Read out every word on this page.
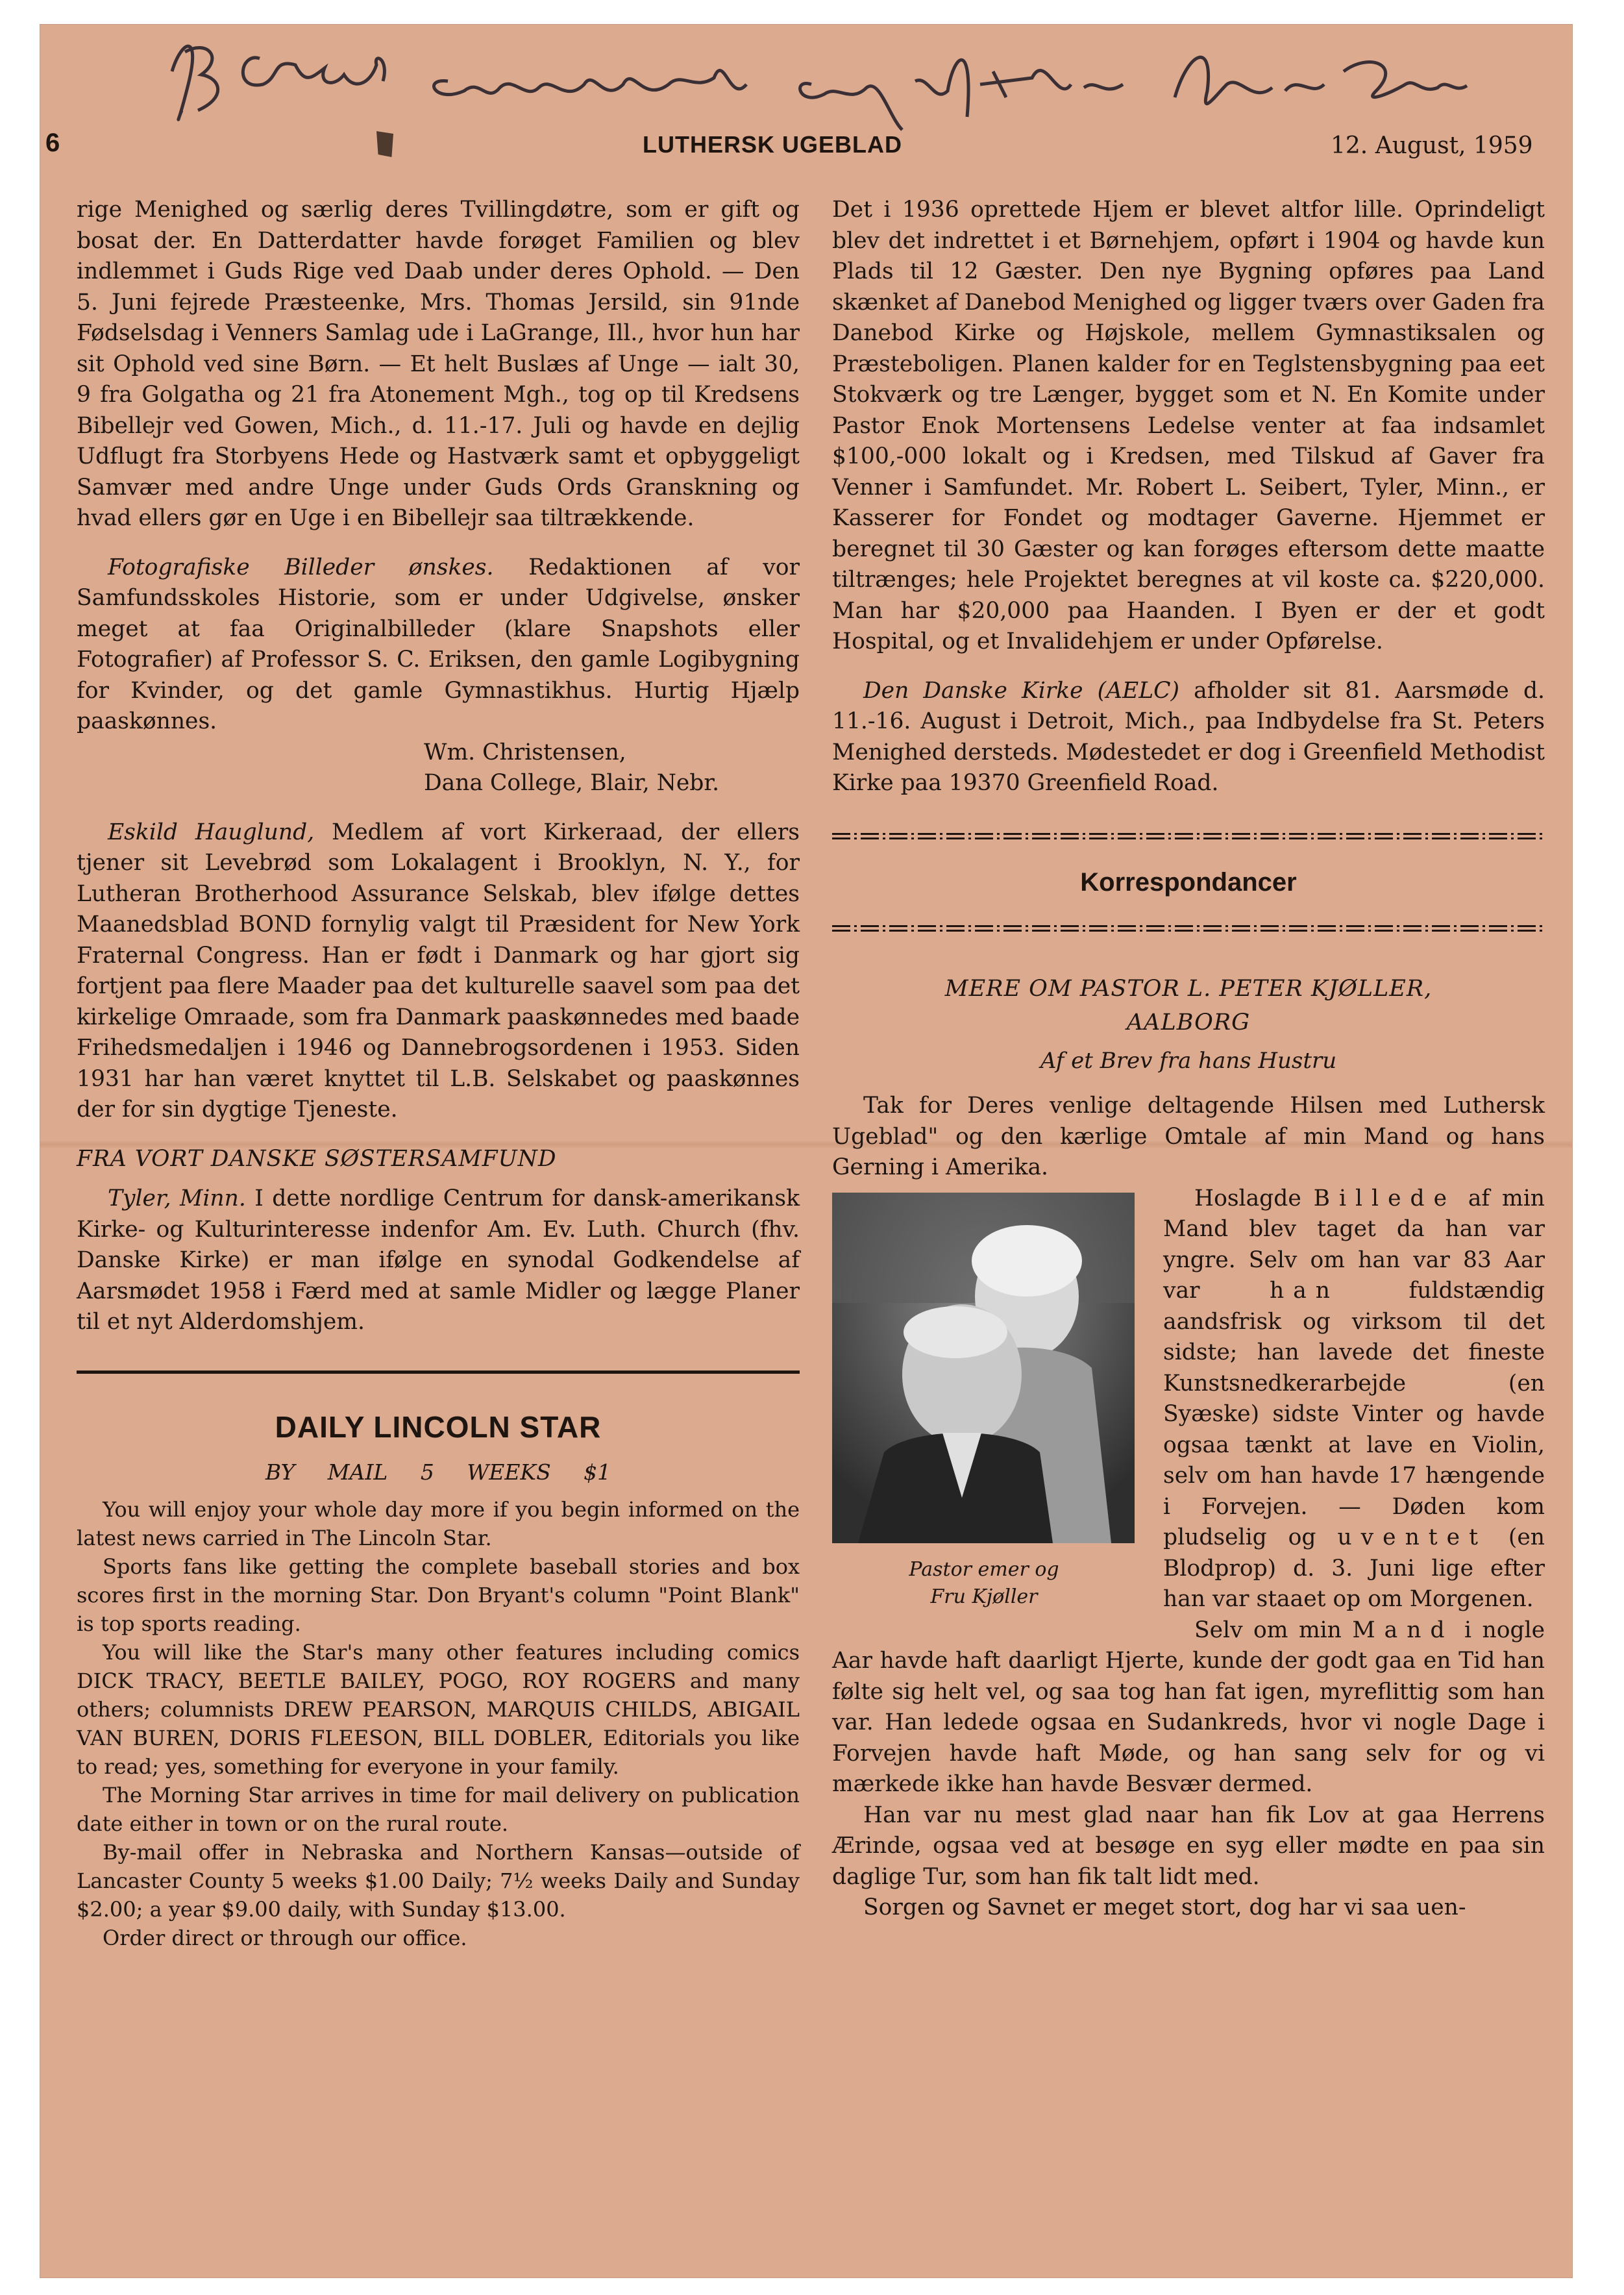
6	LUTHERSK UGEBLAD	12. August, 1959

rige Menighed og særlig deres Tvillingdøtre, som er gift og bosat der. En Datterdatter havde forøget Familien og blev indlemmet i Guds Rige ved Daab under deres Ophold. — Den 5. Juni fejrede Præsteenke, Mrs. Thomas Jersild, sin 91nde Fødselsdag i Venners Samlag ude i LaGrange, Ill., hvor hun har sit Ophold ved sine Børn. — Et helt Buslæs af Unge — ialt 30, 9 fra Golgatha og 21 fra Atonement Mgh., tog op til Kredsens Bibellejr ved Gowen, Mich., d. 11.-17. Juli og havde en dejlig Udflugt fra Storbyens Hede og Hastværk samt et opbyggeligt Samvær med andre Unge under Guds Ords Granskning og hvad ellers gør en Uge i en Bibellejr saa tiltrækkende.

Fotografiske Billeder ønskes. Redaktionen af vor Samfundsskoles Historie, som er under Udgivelse, ønsker meget at faa Originalbilleder (klare Snapshots eller Fotografier) af Professor S. C. Eriksen, den gamle Logibygning for Kvinder, og det gamle Gymnastikhus. Hurtig Hjælp paaskønnes.

Wm. Christensen,

Dana College, Blair, Nebr.

Eskild Hauglund, Medlem af vort Kirkeraad, der ellers tjener sit Levebrød som Lokalagent i Brooklyn, N. Y., for Lutheran Brotherhood Assurance Selskab, blev ifølge dettes Maanedsblad BOND fornylig valgt til Præsident for New York Fraternal Congress. Han er født i Danmark og har gjort sig fortjent paa flere Maader paa det kulturelle saavel som paa det kirkelige Omraade, som fra Danmark paaskønnedes med baade Frihedsmedaljen i 1946 og Dannebrogsordenen i 1953. Siden 1931 har han været knyttet til L.B. Selskabet og paaskønnes der for sin dygtige Tjeneste.

FRA VORT DANSKE SØSTERSAMFUND

Tyler, Minn. I dette nordlige Centrum for dansk-amerikansk Kirke- og Kulturinteresse indenfor Am. Ev. Luth. Church (fhv. Danske Kirke) er man ifølge en synodal Godkendelse af Aarsmødet 1958 i Færd med at samle Midler og lægge Planer til et nyt Alderdomshjem.

DAILY LINCOLN STAR
BY MAIL 5 WEEKS $1

You will enjoy your whole day more if you begin informed on the latest news carried in The Lincoln Star.

Sports fans like getting the complete baseball stories and box scores first in the morning Star. Don Bryant's column "Point Blank" is top sports reading.

You will like the Star's many other features including comics DICK TRACY, BEETLE BAILEY, POGO, ROY ROGERS and many others; columnists DREW PEARSON, MARQUIS CHILDS, ABIGAIL VAN BUREN, DORIS FLEESON, BILL DOBLER, Editorials you like to read; yes, something for everyone in your family.

The Morning Star arrives in time for mail delivery on publication date either in town or on the rural route.

By-mail offer in Nebraska and Northern Kansas—outside of Lancaster County 5 weeks $1.00 Daily; 7½ weeks Daily and Sunday $2.00; a year $9.00 daily, with Sunday $13.00.

Order direct or through our office.

Det i 1936 oprettede Hjem er blevet altfor lille. Oprindeligt blev det indrettet i et Børnehjem, opført i 1904 og havde kun Plads til 12 Gæster. Den nye Bygning opføres paa Land skænket af Danebod Menighed og ligger tværs over Gaden fra Danebod Kirke og Højskole, mellem Gymnastiksalen og Præsteboligen. Planen kalder for en Teglstensbygning paa eet Stokværk og tre Længer, bygget som et N. En Komite under Pastor Enok Mortensens Ledelse venter at faa indsamlet $100,-000 lokalt og i Kredsen, med Tilskud af Gaver fra Venner i Samfundet. Mr. Robert L. Seibert, Tyler, Minn., er Kasserer for Fondet og modtager Gaverne. Hjemmet er beregnet til 30 Gæster og kan forøges eftersom dette maatte tiltrænges; hele Projektet beregnes at vil koste ca. $220,000. Man har $20,000 paa Haanden. I Byen er der et godt Hospital, og et Invalidehjem er under Opførelse.

Den Danske Kirke (AELC) afholder sit 81. Aarsmøde d. 11.-16. August i Detroit, Mich., paa Indbydelse fra St. Peters Menighed dersteds. Mødestedet er dog i Greenfield Methodist Kirke paa 19370 Greenfield Road.

Korrespondancer
MERE OM PASTOR L. PETER KJØLLER,
AALBORG
Af et Brev fra hans Hustru

Tak for Deres venlige deltagende Hilsen med Luthersk Ugeblad" og den kærlige Omtale af min Mand og hans Gerning i Amerika.

Pastor emer og
Fru Kjøller

Hoslagde Billede af min Mand blev taget da han var yngre. Selv om han var 83 Aar var	han	fuldstændig aandsfrisk og virksom til det sidste; han lavede det fineste Kunstsnedkerarbejde (en Syæske) sidste Vinter og havde ogsaa tænkt at lave en Violin, selv om han havde 17 hængende i Forvejen. — Døden kom pludselig og uventet (en Blodprop) d. 3. Juni lige efter han var staaet op om Morgenen.

Selv om min Mand i nogle Aar havde haft daarligt Hjerte, kunde der godt gaa en Tid han følte sig helt vel, og saa tog han fat igen, myreflittig som han var. Han ledede ogsaa en Sudankreds, hvor vi nogle Dage i Forvejen havde haft Møde, og han sang selv for og vi mærkede ikke han havde Besvær dermed.

Han var nu mest glad naar han fik Lov at gaa Herrens Ærinde, ogsaa ved at besøge en syg eller mødte en paa sin daglige Tur, som han fik talt lidt med.

Sorgen og Savnet er meget stort, dog har vi saa uen-
